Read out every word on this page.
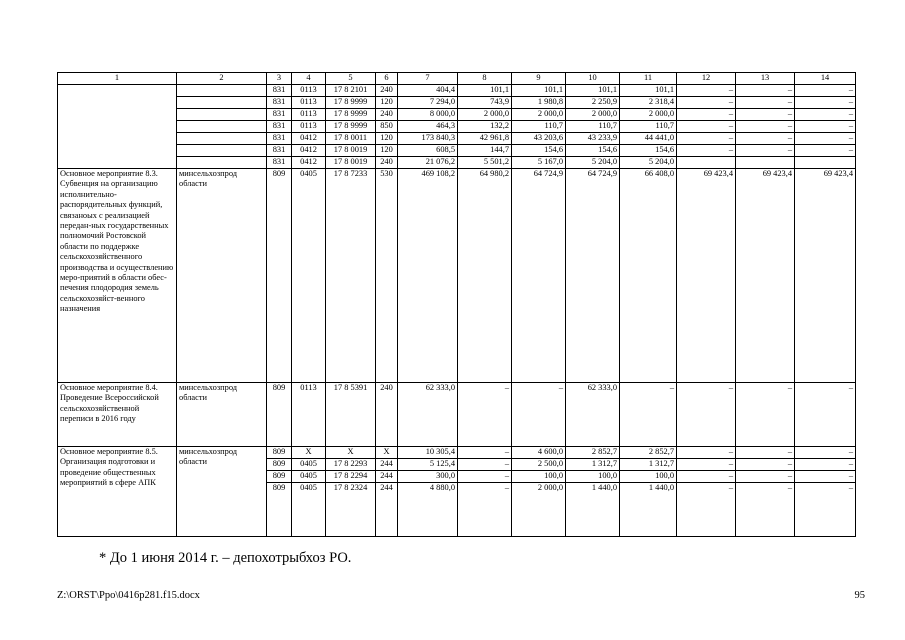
1	2	3	4	5	6	7	8	9	10	11	12	13	14
		831	0113	17 8 2101	240	404,4	101,1	101,1	101,1	101,1	–	–	–
		831	0113	17 8 9999	120	7 294,0	743,9	1 980,8	2 250,9	2 318,4	–	–	–
		831	0113	17 8 9999	240	8 000,0	2 000,0	2 000,0	2 000,0	2 000,0	–	–	–
		831	0113	17 8 9999	850	464,3	132,2	110,7	110,7	110,7	–	–	–
		831	0412	17 8 0011	120	173 840,3	42 961,8	43 203,6	43 233,9	44 441,0	–	–	–
		831	0412	17 8 0019	120	608,5	144,7	154,6	154,6	154,6	–	–	–
		831	0412	17 8 0019	240	21 076,2	5 501,2	5 167,0	5 204,0	5 204,0			
Основное мероприятие 8.3. Субвенция на организацию исполнительно-распорядительных функций, связаноых с реализацией передан-ных государственных полномочий Ростовской области по поддержке сельскохозяйственного производства и осуществлению меро-приятий в области обес-печения плодородия земель сельскохозяйст-венного назначения	минсельхозпрод области	809	0405	17 8 7233	530	469 108,2	64 980,2	64 724,9	64 724,9	66 408,0	69 423,4	69 423,4	69 423,4
Основное мероприятие 8.4. Проведение Всероссийской сельскохозяйственной переписи в 2016 году	минсельхозпрод области	809	0113	17 8 5391	240	62 333,0	–	–	62 333,0	–	–	–	–
Основное мероприятие 8.5. Организация подготовки и проведение общественных мероприятий в сфере АПК	минсельхозпрод области	809	Х	Х	Х	10 305,4	–	4 600,0	2 852,7	2 852,7	–	–	–
		809	0405	17 8 2293	244	5 125,4	–	2 500,0	1 312,7	1 312,7	–	–	–
		809	0405	17 8 2294	244	300,0	–	100,0	100,0	100,0	–	–	–
		809	0405	17 8 2324	244	4 880,0	–	2 000,0	1 440,0	1 440,0	–	–	–
* До 1 июня 2014 г. – депохотрыбхоз РО.
Z:\ORST\Ppo\0416p281.f15.docx	95
